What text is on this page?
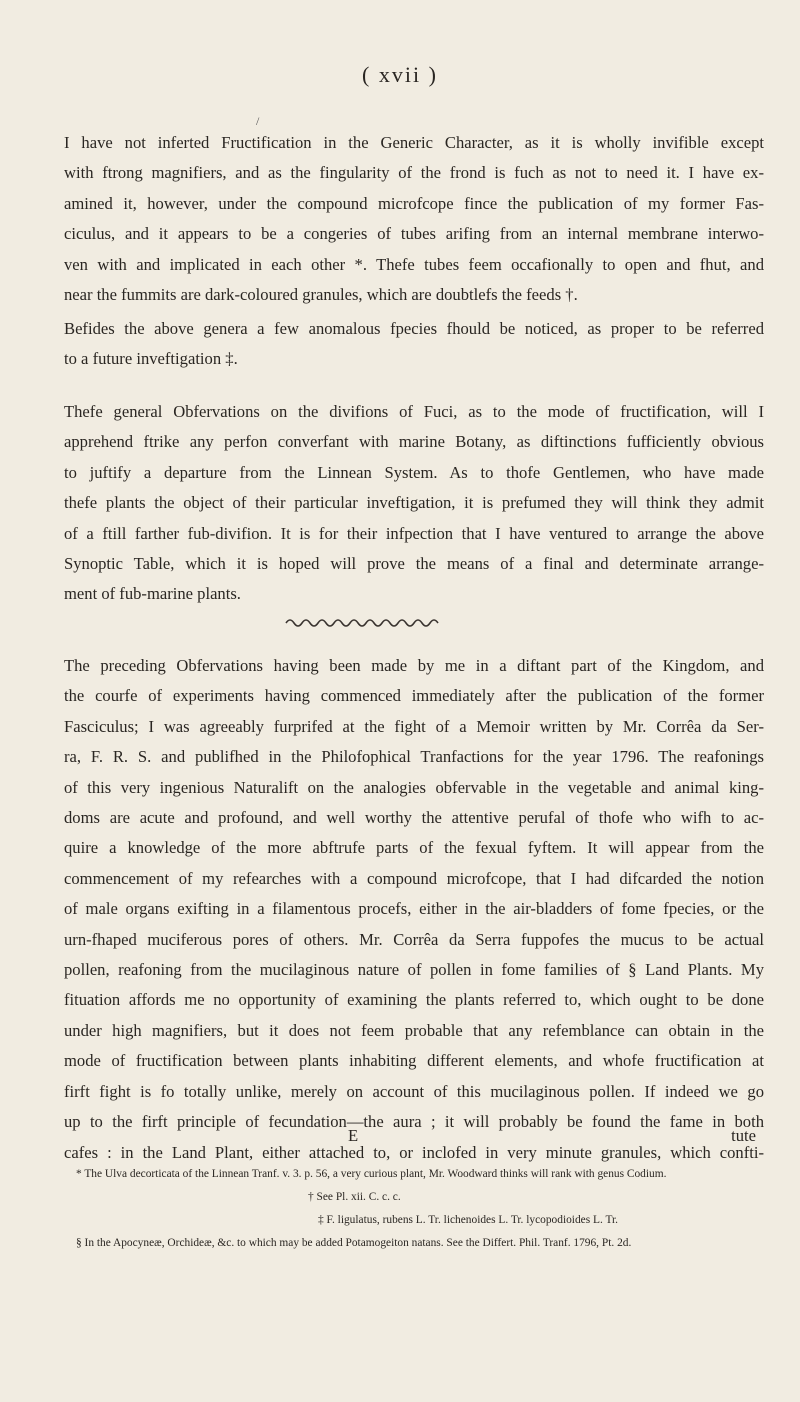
( xvii )
/

I have not inferted Fructification in the Generic Character, as it is wholly invifible except
with ftrong magnifiers, and as the fingularity of the frond is fuch as not to need it. I have ex-
amined it, however, under the compound microfcope fince the publication of my former Fas-
ciculus, and it appears to be a congeries of tubes arifing from an internal membrane interwo-
ven with and implicated in each other *. Thefe tubes feem occafionally to open and fhut, and
near the fummits are dark-coloured granules, which are doubtlefs the feeds †.

Befides the above genera a few anomalous fpecies fhould be noticed, as proper to be referred
to a future inveftigation ‡.

Thefe general Obfervations on the divifions of Fuci, as to the mode of fructification, will I
apprehend ftrike any perfon converfant with marine Botany, as diftinctions fufficiently obvious
to juftify a departure from the Linnean System. As to thofe Gentlemen, who have made
thefe plants the object of their particular inveftigation, it is prefumed they will think they admit
of a ftill farther fub-divifion. It is for their infpection that I have ventured to arrange the above
Synoptic Table, which it is hoped will prove the means of a final and determinate arrange-
ment of fub-marine plants.

The preceding Obfervations having been made by me in a diftant part of the Kingdom, and
the courfe of experiments having commenced immediately after the publication of the former
Fasciculus; I was agreeably furprifed at the fight of a Memoir written by Mr. Corrêa da Ser-
ra, F. R. S. and publifhed in the Philofophical Tranfactions for the year 1796. The reafonings
of this very ingenious Naturalift on the analogies obfervable in the vegetable and animal king-
doms are acute and profound, and well worthy the attentive perufal of thofe who wifh to ac-
quire a knowledge of the more abftrufe parts of the fexual fyftem. It will appear from the
commencement of my refearches with a compound microfcope, that I had difcarded the notion
of male organs exifting in a filamentous procefs, either in the air-bladders of fome fpecies, or the
urn-fhaped muciferous pores of others. Mr. Corrêa da Serra fuppofes the mucus to be actual
pollen, reafoning from the mucilaginous nature of pollen in fome families of § Land Plants. My
fituation affords me no opportunity of examining the plants referred to, which ought to be done
under high magnifiers, but it does not feem probable that any refemblance can obtain in the
mode of fructification between plants inhabiting different elements, and whofe fructification at
firft fight is fo totally unlike, merely on account of this mucilaginous pollen. If indeed we go
up to the firft principle of fecundation—the aura ; it will probably be found the fame in both
cafes : in the Land Plant, either attached to, or inclofed in very minute granules, which confti-

E	tute
* The Ulva decorticata of the Linnean Tranf. v. 3. p. 56, a very curious plant, Mr. Woodward thinks will rank with genus Codium.
† See Pl. xii. C. c. c.
‡ F. ligulatus, rubens L. Tr. lichenoides L. Tr. lycopodioides L. Tr.
§ In the Apocyneæ, Orchideæ, &c. to which may be added Potamogeiton natans. See the Differt. Phil. Tranf. 1796, Pt. 2d.
